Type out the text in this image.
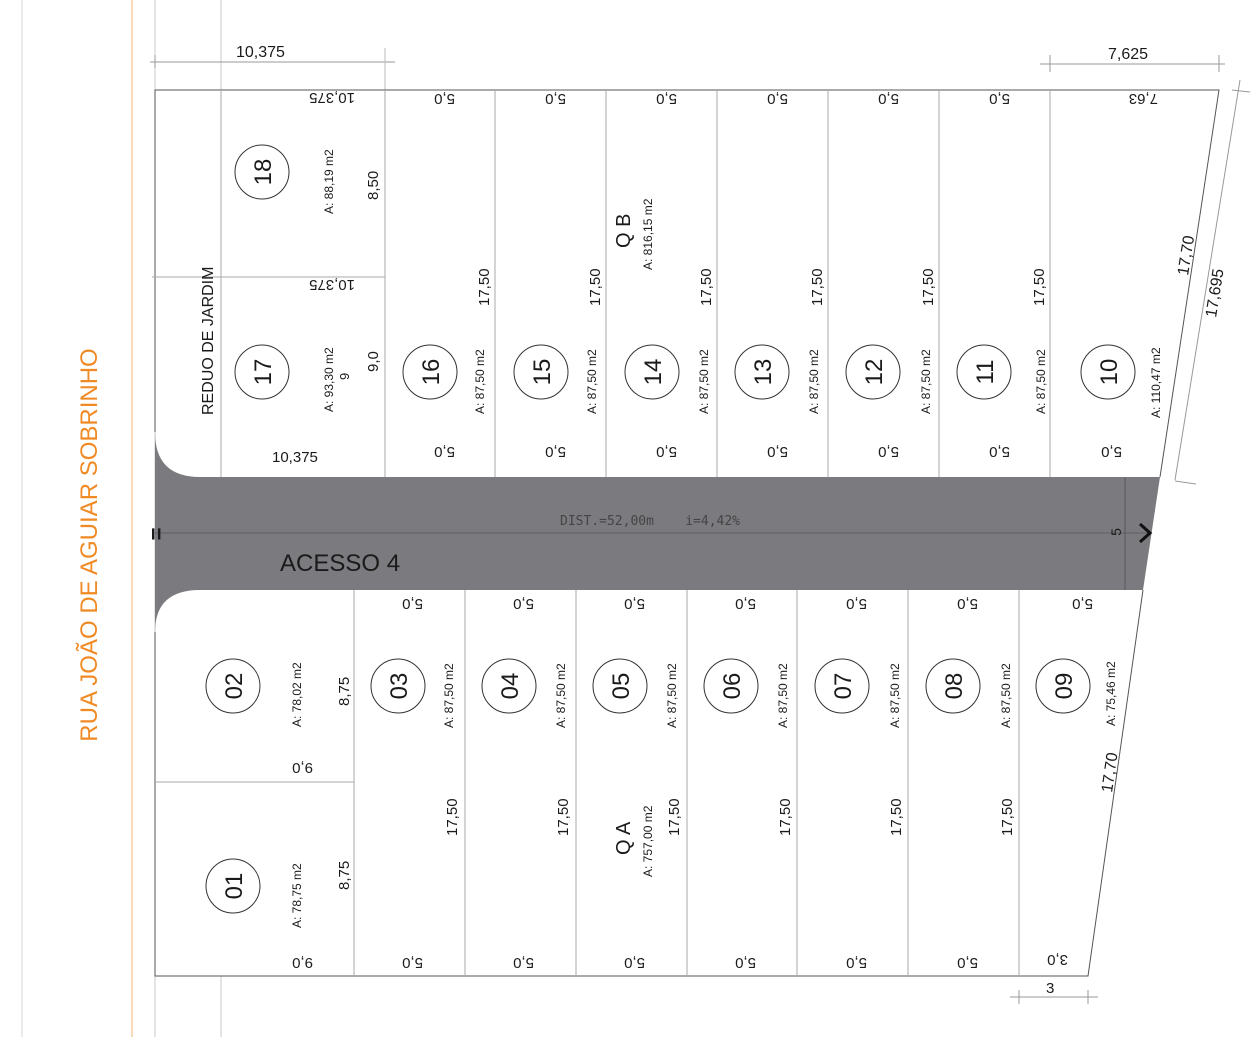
RUA JOÃO DE AGUIAR SOBRINHO
10,375	7,625
17,70
17,695
ACESSO 4
DIST.=52,00m    i=4,42%
5
=
3
17,70
Q B A: 816,15 m2
Q A A: 757,00 m2
REDUO DE JARDIM
18	A: 88,19 m2
10,375
8,50
17	A: 93,30 m2
10,375
10,375
9,0
9	16 A: 87,50 m2
17,50
5,0
5,0
15 A: 87,50 m2
17,50
5,0
5,0
14	A: 87,50 m2
17,50
5,0
5,0
13	A: 87,50 m2
17,50
5,0
5,0
12	A: 87,50 m2
17,50
5,0
5,0
11	A: 87,50 m2
17,50
5,0
5,0
10 A: 110,47 m2
7,63
5,0
02	A: 78,02 m2 8,75
9,0
01	A: 78,75 m2 8,75
9,0
03 A: 87,50 m2
17,50
5,0
5,0
04	A: 87,50 m2
17,50
5,0
5,0
05	A: 87,50 m2
17,50
5,0
5,0
06	A: 87,50 m2
17,50
5,0
5,0
07	A: 87,50 m2
17,50
5,0
5,0
08	A: 87,50 m2
17,50
5,0
5,0
09 A: 75,46 m2
5,0
3,0
